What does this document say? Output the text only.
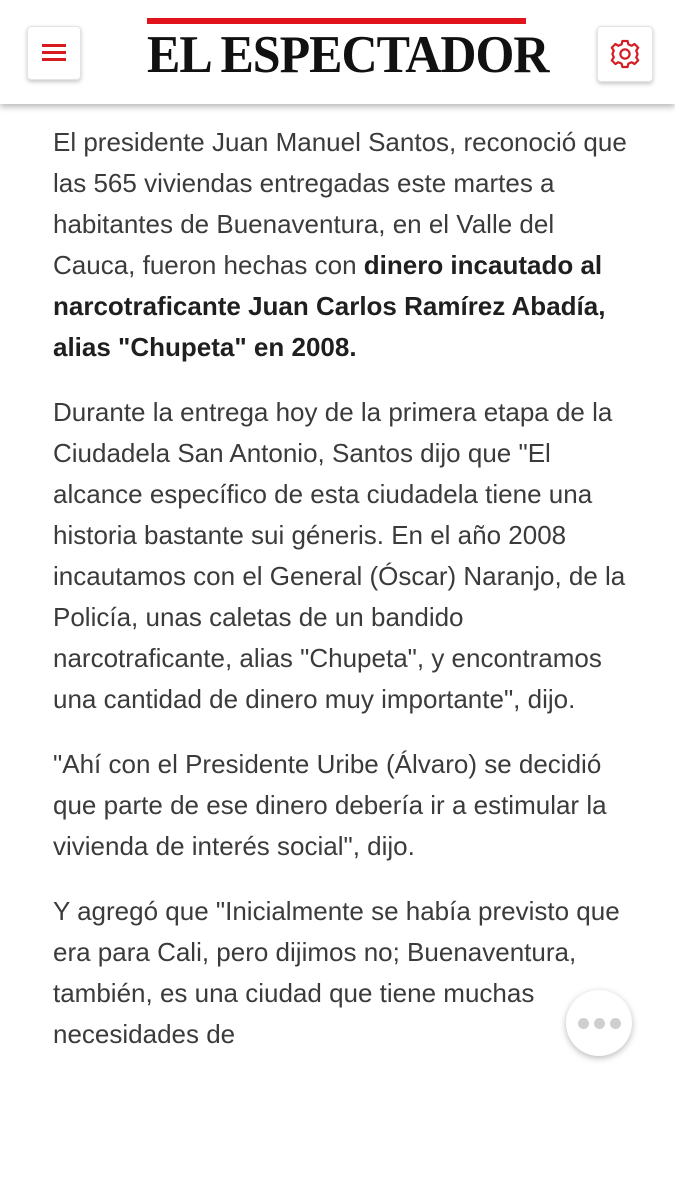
EL ESPECTADOR

El presidente Juan Manuel Santos, reconoció que las 565 viviendas entregadas este martes a habitantes de Buenaventura, en el Valle del Cauca, fueron hechas con dinero incautado al narcotraficante Juan Carlos Ramírez Abadía, alias "Chupeta" en 2008.

Durante la entrega hoy de la primera etapa de la Ciudadela San Antonio, Santos dijo que "El alcance específico de esta ciudadela tiene una historia bastante sui géneris. En el año 2008 incautamos con el General (Óscar) Naranjo, de la Policía, unas caletas de un bandido narcotraficante, alias "Chupeta", y encontramos una cantidad de dinero muy importante", dijo.

"Ahí con el Presidente Uribe (Álvaro) se decidió que parte de ese dinero debería ir a estimular la vivienda de interés social", dijo.

Y agregó que "Inicialmente se había previsto que era para Cali, pero dijimos no; Buenaventura, también, es una ciudad que tiene muchas necesidades de
